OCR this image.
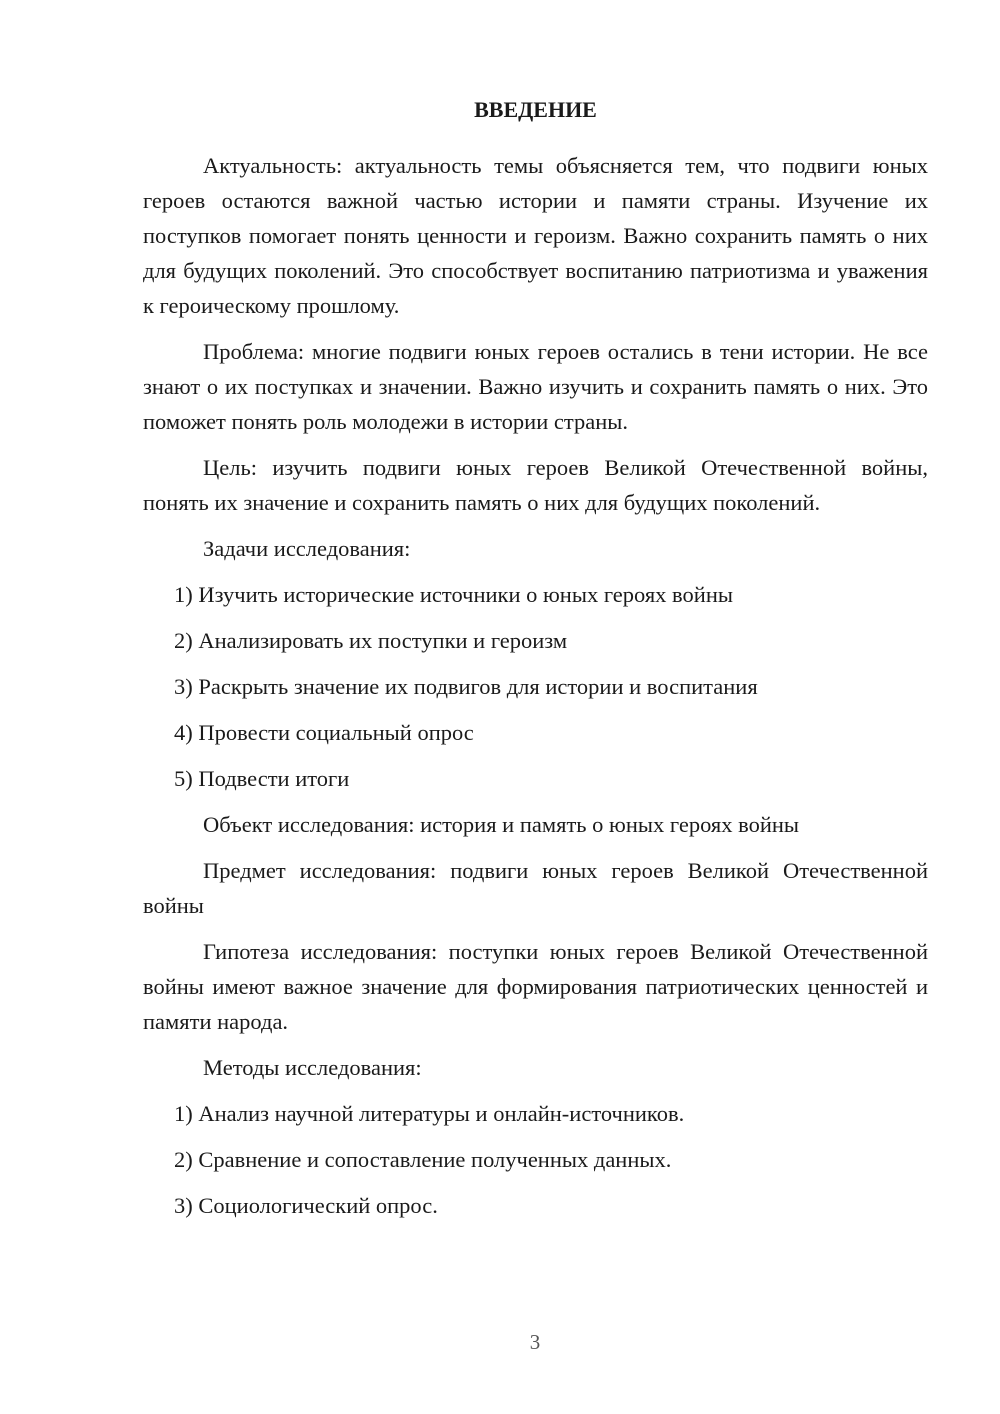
ВВЕДЕНИЕ

Актуальность: актуальность темы объясняется тем, что подвиги юных героев остаются важной частью истории и памяти страны. Изучение их поступков помогает понять ценности и героизм. Важно сохранить память о них для будущих поколений. Это способствует воспитанию патриотизма и уважения к героическому прошлому.

Проблема: многие подвиги юных героев остались в тени истории. Не все знают о их поступках и значении. Важно изучить и сохранить память о них. Это поможет понять роль молодежи в истории страны.

Цель: изучить подвиги юных героев Великой Отечественной войны, понять их значение и сохранить память о них для будущих поколений.

Задачи исследования:
1) Изучить исторические источники о юных героях войны
2) Анализировать их поступки и героизм
3) Раскрыть значение их подвигов для истории и воспитания
4) Провести социальный опрос
5) Подвести итоги
Объект исследования: история и память о юных героях войны

Предмет исследования: подвиги юных героев Великой Отечественной войны

Гипотеза исследования: поступки юных героев Великой Отечественной войны имеют важное значение для формирования патриотических ценностей и памяти народа.

Методы исследования:
1) Анализ научной литературы и онлайн-источников.
2) Сравнение и сопоставление полученных данных.
3) Социологический опрос.
3
